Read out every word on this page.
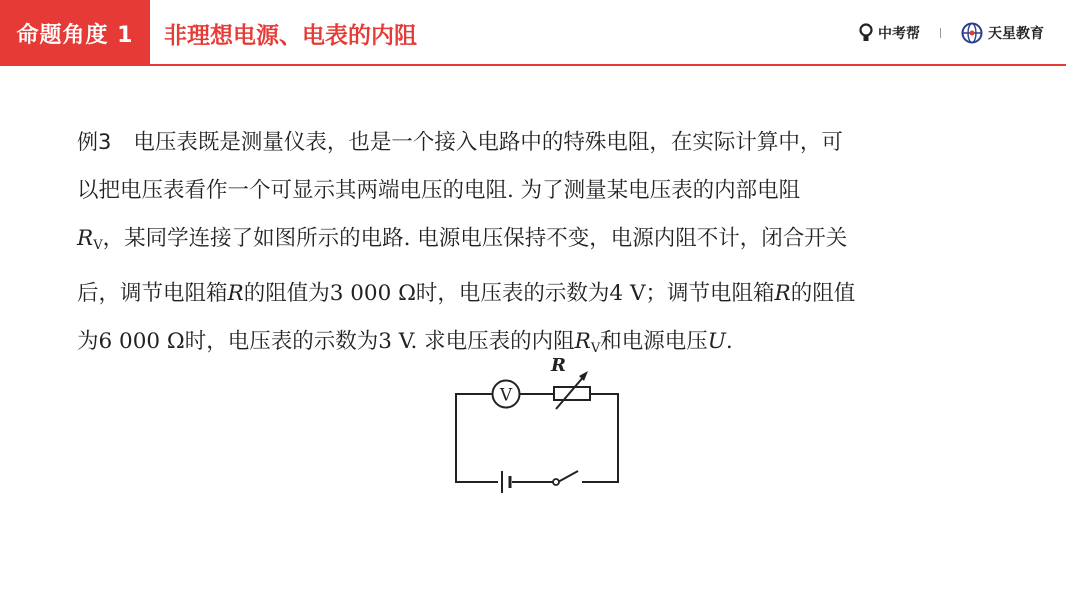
命题角度 1	非理想电源、电表的内阻	中考帮	天星教育

例3 电压表既是测量仪表，也是一个接入电路中的特殊电阻，在实际计算中，可

以把电压表看作一个可显示其两端电压的电阻. 为了测量某电压表的内部电阻

$R_V$，某同学连接了如图所示的电路. 电源电压保持不变，电源内阻不计，闭合开关

后，调节电阻箱R的阻值为3 000 Ω时，电压表的示数为4 V；调节电阻箱R的阻值

为6 000 Ω时，电压表的示数为3 V. 求电压表的内阻$R_V$和电源电压U.

R
V
